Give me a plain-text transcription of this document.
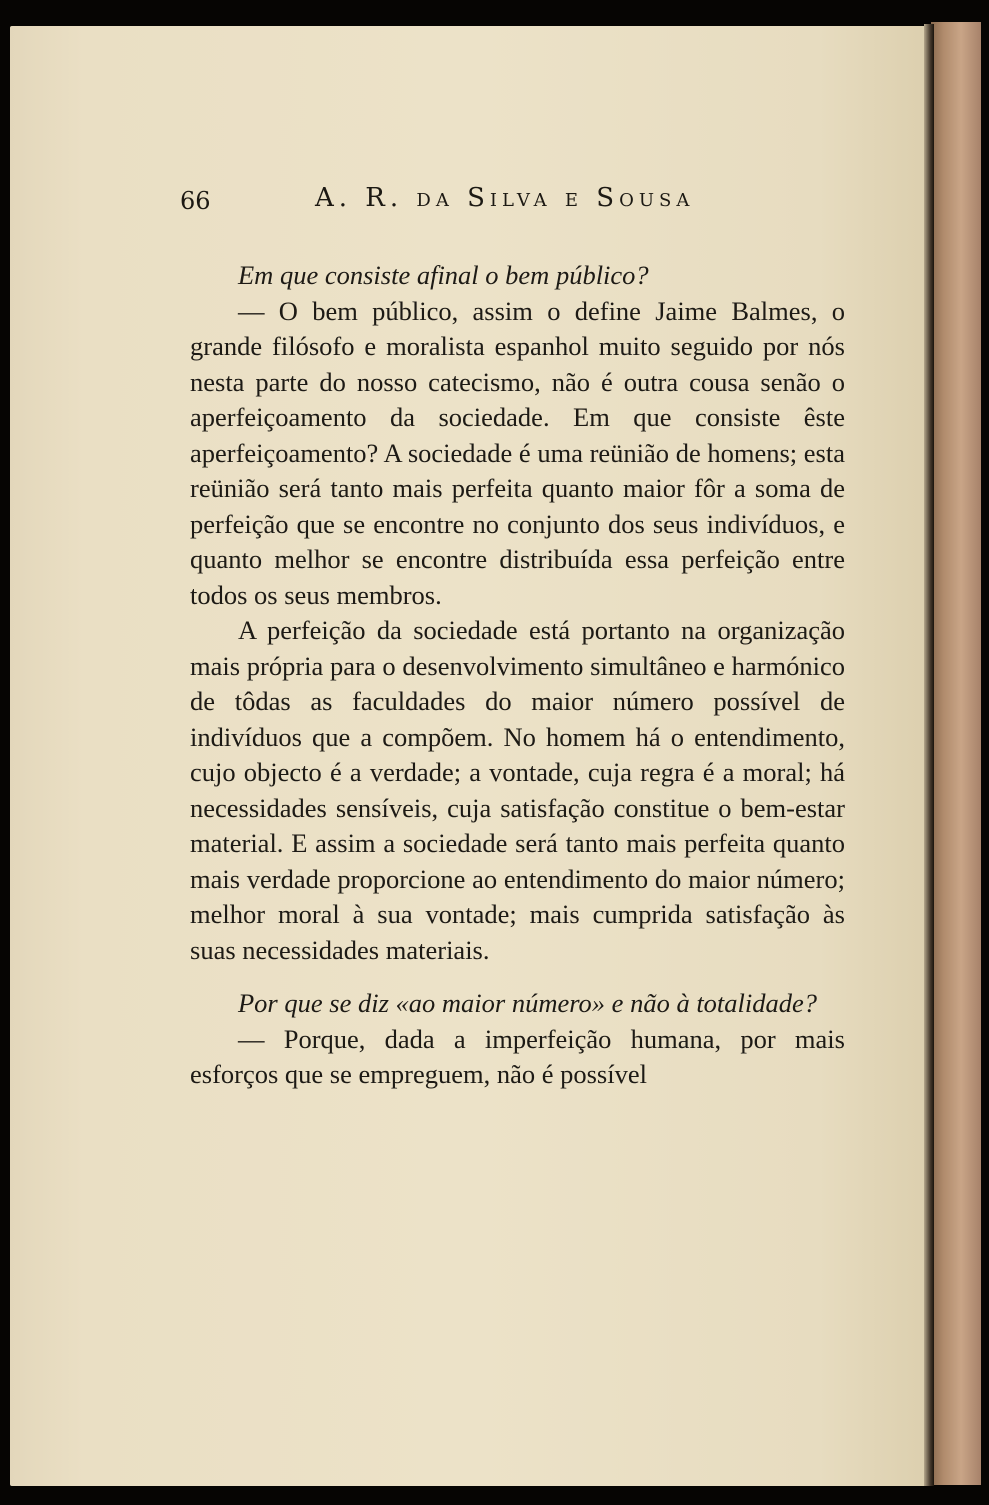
66	A. R. da Silva e Sousa

Em que consiste afinal o bem público?

— O bem público, assim o define Jaime Balmes, o grande filósofo e moralista espanhol muito seguido por nós nesta parte do nosso catecismo, não é outra cousa senão o aperfeiçoamento da sociedade. Em que consiste êste aperfeiçoamento? A sociedade é uma reünião de homens; esta reünião será tanto mais perfeita quanto maior fôr a soma de perfeição que se encontre no conjunto dos seus indivíduos, e quanto melhor se encontre distribuída essa perfeição entre todos os seus membros.

A perfeição da sociedade está portanto na organização mais própria para o desenvolvimento simultâneo e harmónico de tôdas as faculdades do maior número possível de indivíduos que a compõem. No homem há o entendimento, cujo objecto é a verdade; a vontade, cuja regra é a moral; há necessidades sensíveis, cuja satisfação constitue o bem-estar material. E assim a sociedade será tanto mais perfeita quanto mais verdade proporcione ao entendimento do maior número; melhor moral à sua vontade; mais cumprida satisfação às suas necessidades materiais.

Por que se diz «ao maior número» e não à totalidade?

— Porque, dada a imperfeição humana, por mais esforços que se empreguem, não é possível
